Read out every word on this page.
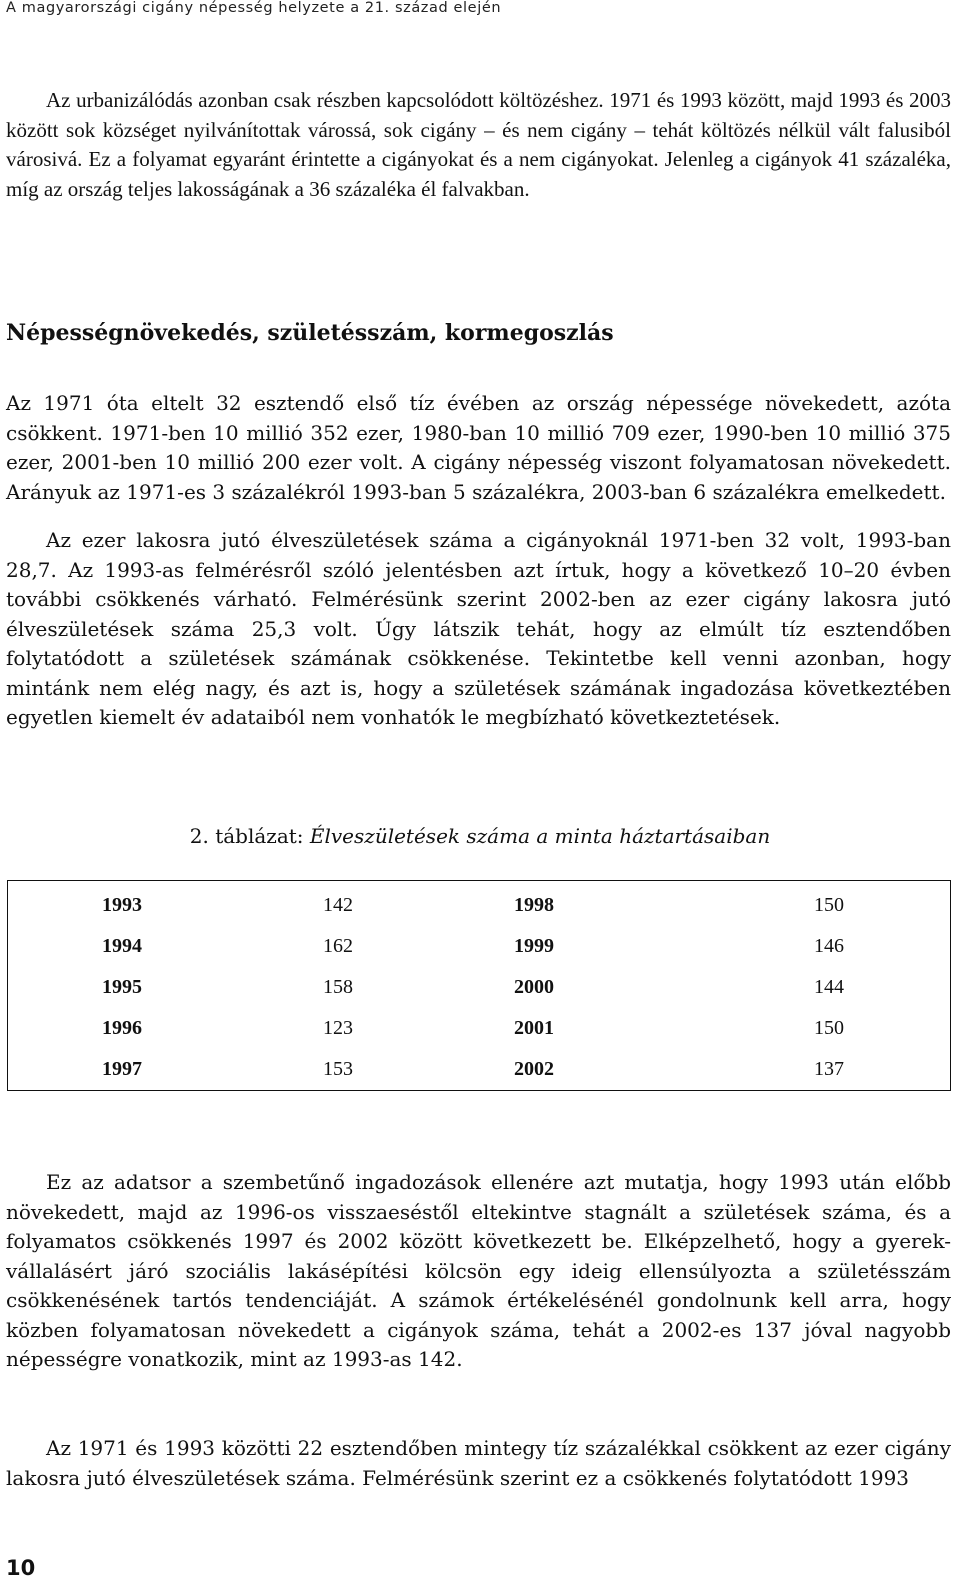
A magyarországi cigány népesség helyzete a 21. század elején

Az urbanizálódás azonban csak részben kapcsolódott költözéshez. 1971 és 1993 között, majd 1993 és 2003 között sok községet nyilvánítottak várossá, sok cigány – és nem cigány – tehát költözés nélkül vált falusiból városivá. Ez a folyamat egyaránt érintette a cigányokat és a nem cigányokat. Jelenleg a cigányok 41 százaléka, míg az ország teljes lakosságának a 36 százaléka él falvakban.

Népességnövekedés, születésszám, kormegoszlás

Az 1971 óta eltelt 32 esztendő első tíz évében az ország népessége növekedett, azóta csökkent. 1971-ben 10 millió 352 ezer, 1980-ban 10 millió 709 ezer, 1990-ben 10 millió 375 ezer, 2001-ben 10 millió 200 ezer volt. A cigány népesség viszont folyamatosan növekedett. Arányuk az 1971-es 3 százalékról 1993-ban 5 százalékra, 2003-ban 6 százalékra emelkedett.

Az ezer lakosra jutó élveszületések száma a cigányoknál 1971-ben 32 volt, 1993-ban 28,7. Az 1993-as felmérésről szóló jelentésben azt írtuk, hogy a következő 10–20 évben további csökkenés várható. Felmérésünk szerint 2002-ben az ezer cigány lakosra jutó élveszületések száma 25,3 volt. Úgy látszik tehát, hogy az elmúlt tíz esztendőben folytatódott a születések számának csökkenése. Tekintetbe kell venni azonban, hogy mintánk nem elég nagy, és azt is, hogy a születések számának ingadozása következtében egyetlen kiemelt év adataiból nem vonhatók le megbízható következtetések.

2. táblázat: Élveszületések száma a minta háztartásaiban

1993	142		1998	150
1994	162		1999	146
1995	158		2000	144
1996	123		2001	150
1997	153		2002	137

Ez az adatsor a szembetűnő ingadozások ellenére azt mutatja, hogy 1993 után előbb növekedett, majd az 1996-os visszaeséstől eltekintve stagnált a születések száma, és a folyamatos csökkenés 1997 és 2002 között következett be. Elképzelhető, hogy a gyerek-vállalásért járó szociális lakásépítési kölcsön egy ideig ellensúlyozta a születésszám csökkenésének tartós tendenciáját. A számok értékelésénél gondolnunk kell arra, hogy közben folyamatosan növekedett a cigányok száma, tehát a 2002-es 137 jóval nagyobb népességre vonatkozik, mint az 1993-as 142.

Az 1971 és 1993 közötti 22 esztendőben mintegy tíz százalékkal csökkent az ezer cigány lakosra jutó élveszületések száma. Felmérésünk szerint ez a csökkenés folytatódott 1993

10
